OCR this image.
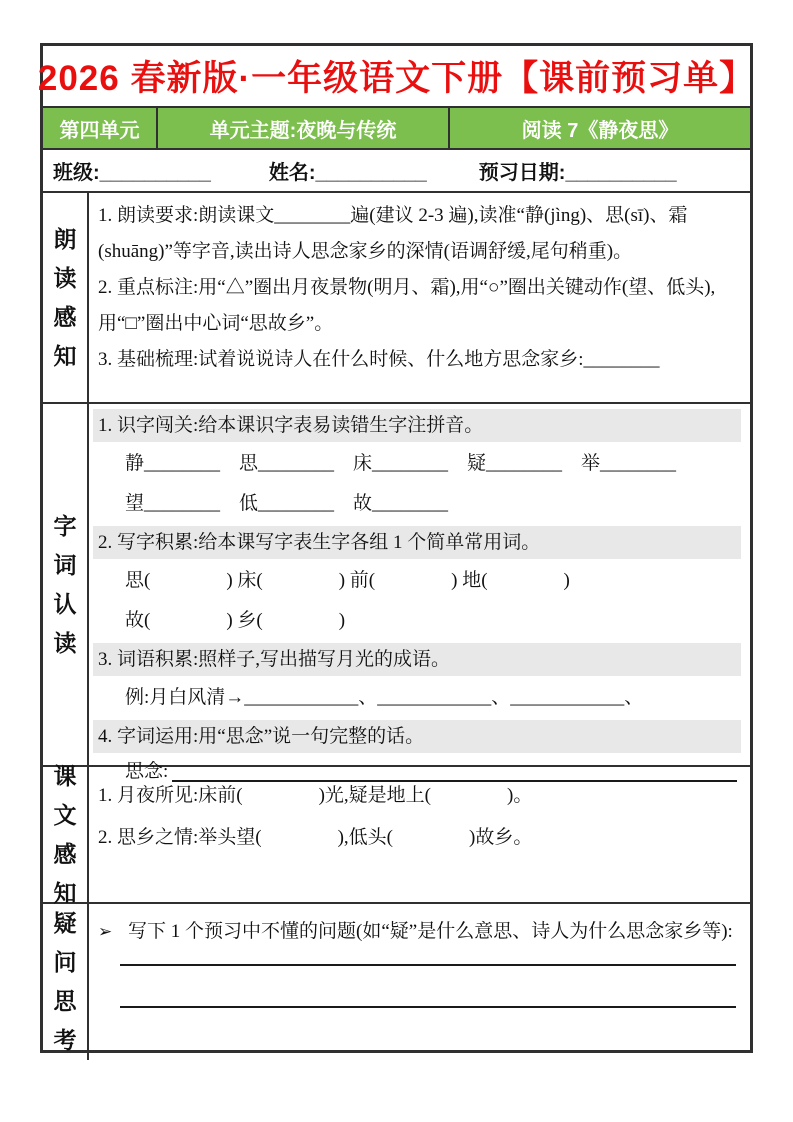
2026 春新版·一年级语文下册【课前预习单】
第四单元	单元主题:夜晚与传统	阅读 7《静夜思》
班级:__________	姓名:__________	预习日期:__________
朗读感知

1. 朗读要求:朗读课文________遍(建议 2-3 遍),读准“静(jìng)、思(sī)、霜(shuāng)”等字音,读出诗人思念家乡的深情(语调舒缓,尾句稍重)。

2. 重点标注:用“△”圈出月夜景物(明月、霜),用“○”圈出关键动作(望、低头),用“□”圈出中心词“思故乡”。

3. 基础梳理:试着说说诗人在什么时候、什么地方思念家乡:________

字词认读
1. 识字闯关:给本课识字表易读错生字注拼音。
静________　思________　床________　疑________　举________
望________　低________　故________
2. 写字积累:给本课写字表生字各组 1 个简单常用词。
思(　　　　) 床(　　　　) 前(　　　　) 地(　　　　)
故(　　　　) 乡(　　　　)
3. 词语积累:照样子,写出描写月光的成语。
例:月白风清→____________、____________、____________、
4. 字词运用:用“思念”说一句完整的话。
思念:
课文感知

1. 月夜所见:床前(　　　　)光,疑是地上(　　　　)。

2. 思乡之情:举头望(　　　　),低头(　　　　)故乡。

疑问思考
➢ 写下 1 个预习中不懂的问题(如“疑”是什么意思、诗人为什么思念家乡等):
